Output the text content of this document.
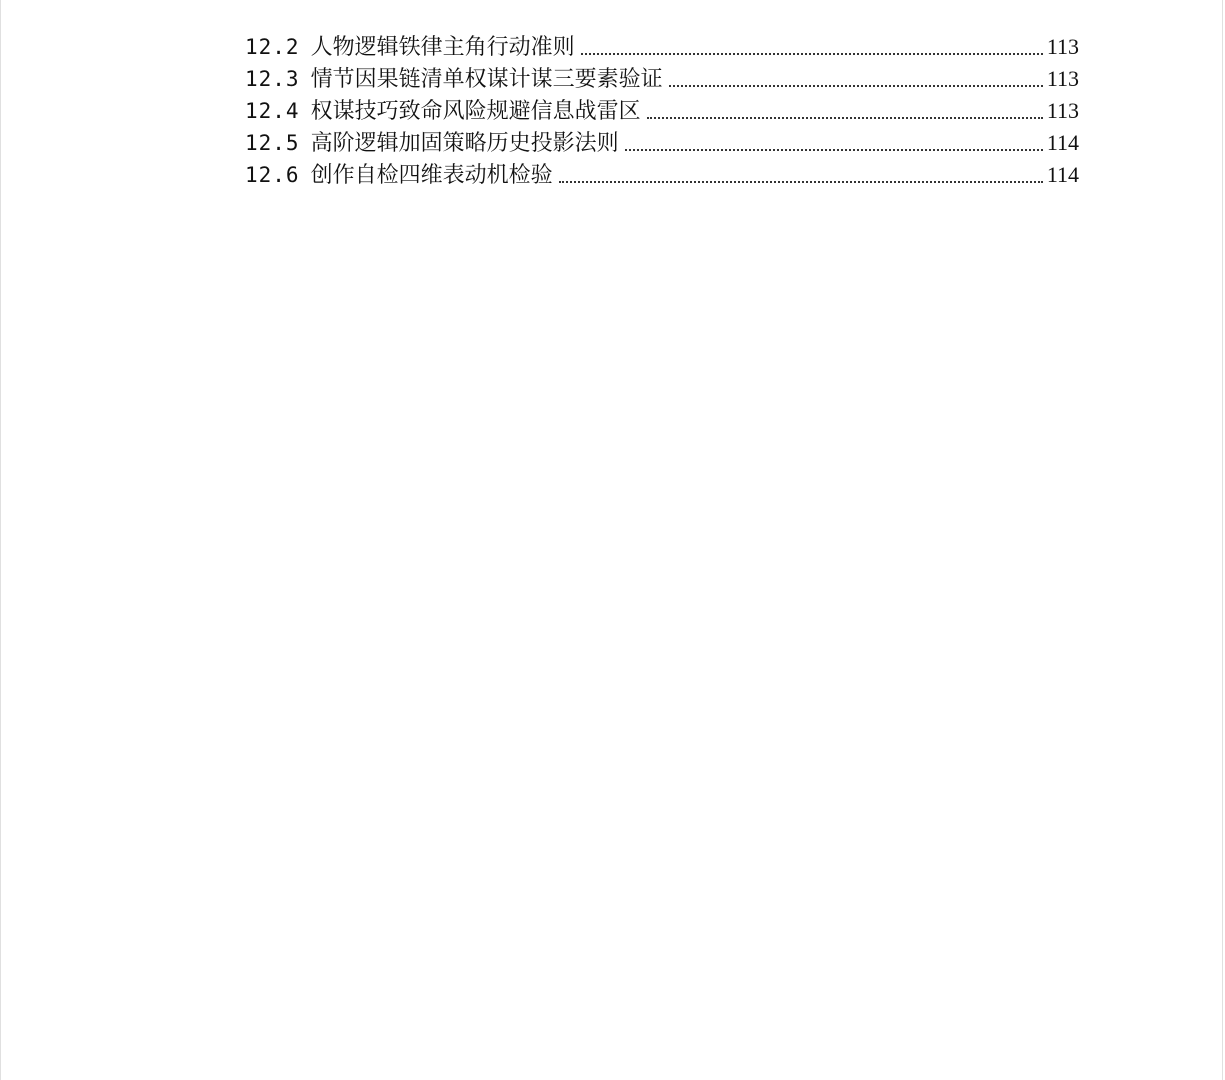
12.2 人物逻辑铁律主角行动准则	113
12.3 情节因果链清单权谋计谋三要素验证	113
12.4 权谋技巧致命风险规避信息战雷区	113
12.5 高阶逻辑加固策略历史投影法则	114
12.6 创作自检四维表动机检验	114
